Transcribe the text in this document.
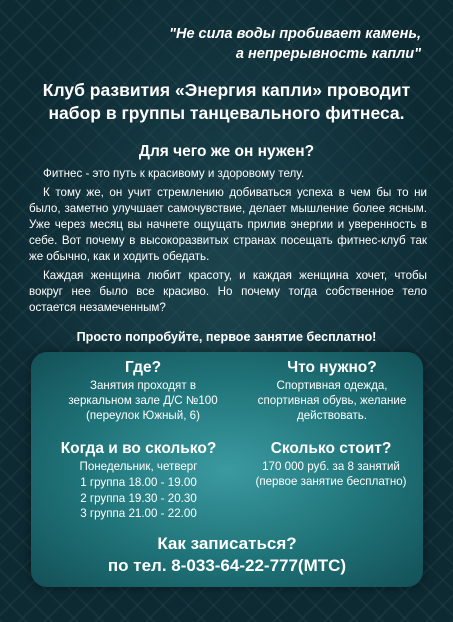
"Не сила воды пробивает камень,
а непрерывность капли"
Клуб развития «Энергия капли» проводит
набор в группы танцевального фитнеса.
Для чего же он нужен?

Фитнес - это путь к красивому и здоровому телу.

К тому же, он учит стремлению добиваться успеха в чем бы то ни было, заметно улучшает самочувствие, делает мышление более ясным. Уже через месяц вы начнете ощущать прилив энергии и уверенность в себе. Вот почему в высокоразвитых странах посещать фитнес-клуб так же обычно, как и ходить обедать.

Каждая женщина любит красоту, и каждая женщина хочет, чтобы вокруг нее было все красиво. Но почему тогда собственное тело остается незамеченным?

Просто попробуйте, первое занятие бесплатно!
Где?
Занятия проходят в
зеркальном зале Д/С №100
(переулок Южный, 6)
Что нужно?
Спортивная одежда,
спортивная обувь, желание
действовать.
Когда и во сколько?
Понедельник, четверг
1 группа 18.00 - 19.00
2 группа 19.30 - 20.30
3 группа 21.00 - 22.00
Сколько стоит?
170 000 руб. за 8 занятий
(первое занятие бесплатно)
Как записаться?
по тел. 8-033-64-22-777(МТС)
